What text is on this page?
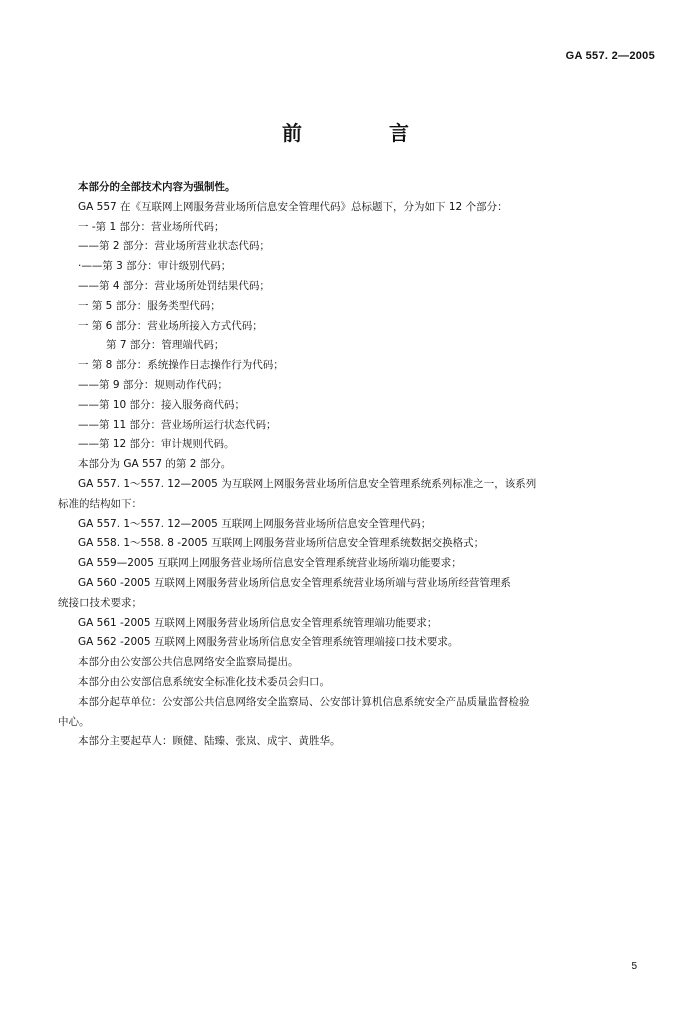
GA 557. 2—2005
前 言
本部分的全部技术内容为强制性。
GA 557 在《互联网上网服务营业场所信息安全管理代码》总标题下，分为如下 12 个部分：
一 -第 1 部分：营业场所代码；
——第 2 部分：营业场所营业状态代码；
·——第 3 部分：审计级别代码；
——第 4 部分：营业场所处罚结果代码；
一 第 5 部分：服务类型代码；
一 第 6 部分：营业场所接入方式代码；
第 7 部分：管理端代码；
一 第 8 部分：系统操作日志操作行为代码；
——第 9 部分：规则动作代码；
——第 10 部分：接入服务商代码；
——第 11 部分：营业场所运行状态代码；
——第 12 部分：审计规则代码。
本部分为 GA 557 的第 2 部分。
GA 557. 1～557. 12—2005 为互联网上网服务营业场所信息安全管理系统系列标准之一，该系列
标准的结构如下：
GA 557. 1～557. 12—2005 互联网上网服务营业场所信息安全管理代码；
GA 558. 1～558. 8 -2005 互联网上网服务营业场所信息安全管理系统数据交换格式；
GA 559—2005 互联网上网服务营业场所信息安全管理系统营业场所端功能要求；
GA 560 -2005 互联网上网服务营业场所信息安全管理系统营业场所端与营业场所经营管理系
统接口技术要求；
GA 561 -2005 互联网上网服务营业场所信息安全管理系统管理端功能要求；
GA 562 -2005 互联网上网服务营业场所信息安全管理系统管理端接口技术要求。
本部分由公安部公共信息网络安全监察局提出。
本部分由公安部信息系统安全标准化技术委员会归口。
本部分起草单位：公安部公共信息网络安全监察局、公安部计算机信息系统安全产品质量监督检验
中心。
本部分主要起草人：顾健、陆臻、张岚、成宇、黄胜华。
5
